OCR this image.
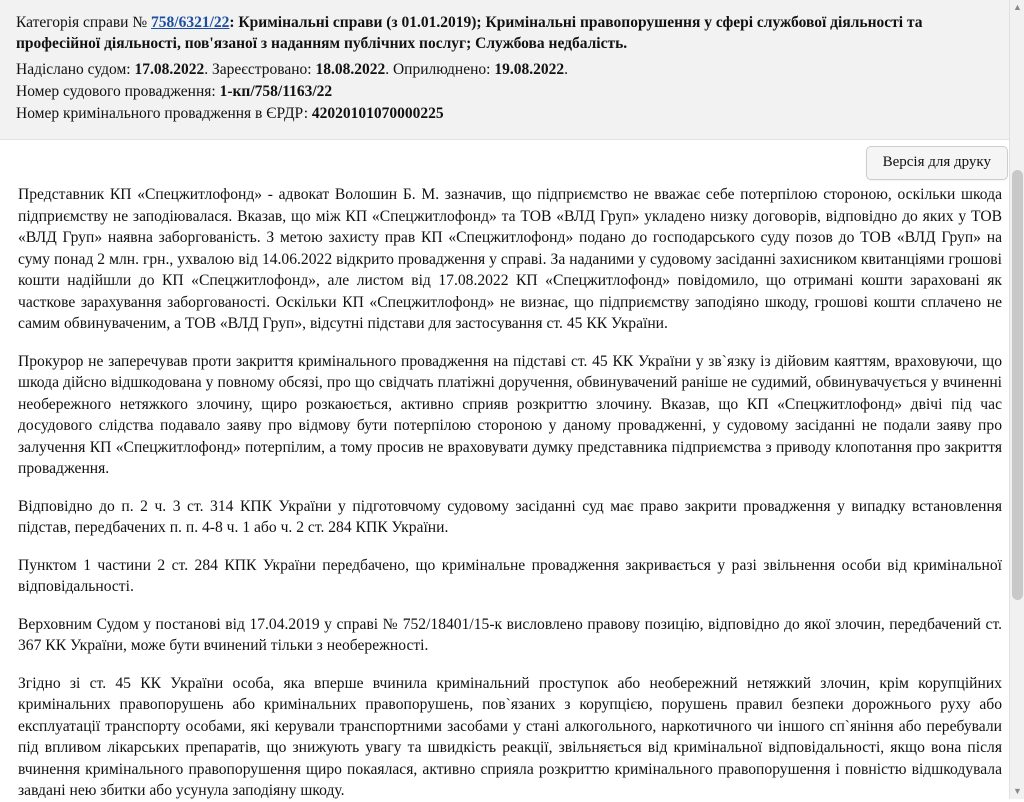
Категорія справи № 758/6321/22: Кримінальні справи (з 01.01.2019); Кримінальні правопорушення у сфері службової діяльності та професійної діяльності, пов'язаної з наданням публічних послуг; Службова недбалість.

Надіслано судом: 17.08.2022. Зареєстровано: 18.08.2022. Оприлюднено: 19.08.2022.

Номер судового провадження: 1-кп/758/1163/22

Номер кримінального провадження в ЄРДР: 42020101070000225

Версія для друку

Представник КП «Спецжитлофонд» - адвокат Волошин Б. М. зазначив, що підприємство не вважає себе потерпілою стороною, оскільки шкода підприємству не заподіювалася. Вказав, що між КП «Спецжитлофонд» та ТОВ «ВЛД Груп» укладено низку договорів, відповідно до яких у ТОВ «ВЛД Груп» наявна заборгованість. З метою захисту прав КП «Спецжитлофонд» подано до господарського суду позов до ТОВ «ВЛД Груп» на суму понад 2 млн. грн., ухвалою від 14.06.2022 відкрито провадження у справі. За наданими у судовому засіданні захисником квитанціями грошові кошти надійшли до КП «Спецжитлофонд», але листом від 17.08.2022 КП «Спецжитлофонд» повідомило, що отримані кошти зараховані як часткове зарахування заборгованості. Оскільки КП «Спецжитлофонд» не визнає, що підприємству заподіяно шкоду, грошові кошти сплачено не самим обвинуваченим, а ТОВ «ВЛД Груп», відсутні підстави для застосування ст. 45 КК України.

Прокурор не заперечував проти закриття кримінального провадження на підставі ст. 45 КК України у зв`язку із дійовим каяттям, враховуючи, що шкода дійсно відшкодована у повному обсязі, про що свідчать платіжні доручення, обвинувачений раніше не судимий, обвинувачується у вчиненні необережного нетяжкого злочину, щиро розкаюється, активно сприяв розкриттю злочину. Вказав, що КП «Спецжитлофонд» двічі під час досудового слідства подавало заяву про відмову бути потерпілою стороною у даному провадженні, у судовому засіданні не подали заяву про залучення КП «Спецжитлофонд» потерпілим, а тому просив не враховувати думку представника підприємства з приводу клопотання про закриття провадження.

Відповідно до п. 2 ч. 3 ст. 314 КПК України у підготовчому судовому засіданні суд має право закрити провадження у випадку встановлення підстав, передбачених п. п. 4-8 ч. 1 або ч. 2 ст. 284 КПК України.

Пунктом 1 частини 2 ст. 284 КПК України передбачено, що кримінальне провадження закривається у разі звільнення особи від кримінальної відповідальності.

Верховним Судом у постанові від 17.04.2019 у справі № 752/18401/15-к висловлено правову позицію, відповідно до якої злочин, передбачений ст. 367 КК України, може бути вчинений тільки з необережності.

Згідно зі ст. 45 КК України особа, яка вперше вчинила кримінальний проступок або необережний нетяжкий злочин, крім корупційних кримінальних правопорушень або кримінальних правопорушень, пов`язаних з корупцією, порушень правил безпеки дорожнього руху або експлуатації транспорту особами, які керували транспортними засобами у стані алкогольного, наркотичного чи іншого сп`яніння або перебували під впливом лікарських препаратів, що знижують увагу та швидкість реакції, звільняється від кримінальної відповідальності, якщо вона після вчинення кримінального правопорушення щиро покаялася, активно сприяла розкриттю кримінального правопорушення і повністю відшкодувала завдані нею збитки або усунула заподіяну шкоду.

▲
▼
